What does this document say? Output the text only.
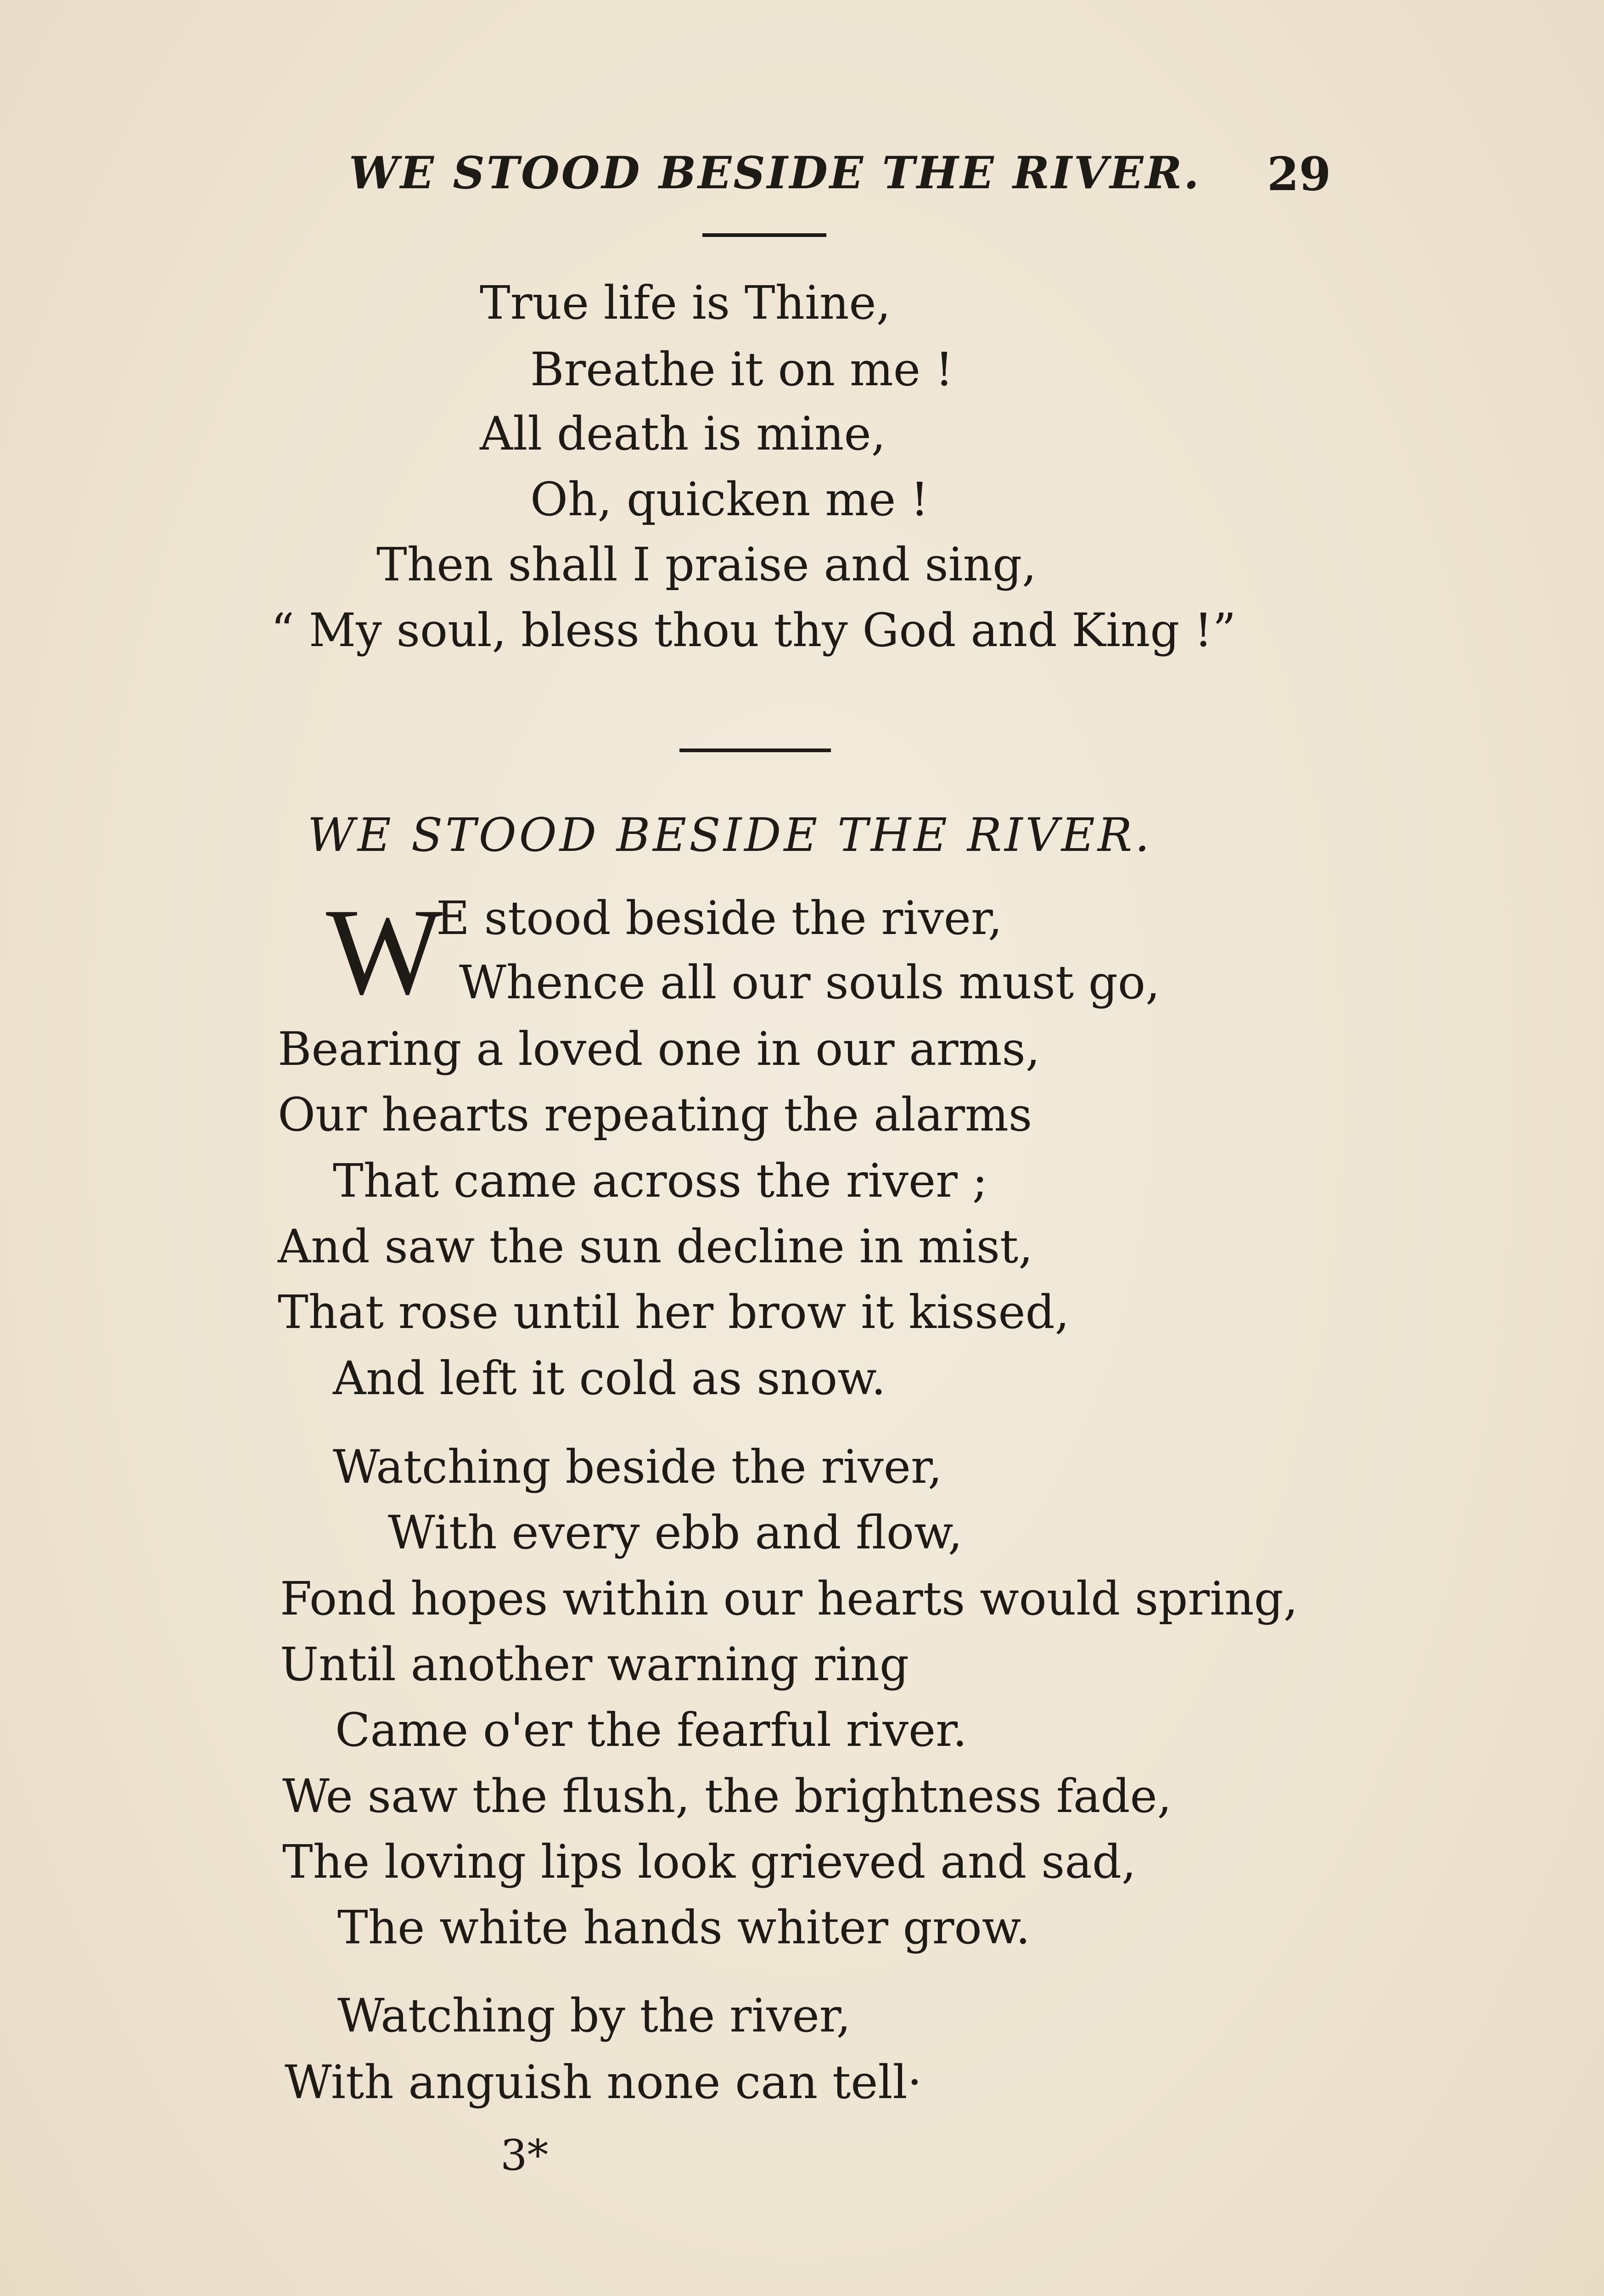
WE STOOD BESIDE THE RIVER. 29
True life is Thine,
Breathe it on me !
All death is mine,
Oh, quicken me !
Then shall I praise and sing,
“ My soul, bless thou thy God and King !”
WE STOOD BESIDE THE RIVER.
W
E stood beside the river,
Whence all our souls must go,
Bearing a loved one in our arms,
Our hearts repeating the alarms
That came across the river ;
And saw the sun decline in mist,
That rose until her brow it kissed,
And left it cold as snow.
Watching beside the river,
With every ebb and flow,
Fond hopes within our hearts would spring,
Until another warning ring
Came o'er the fearful river.
We saw the flush, the brightness fade,
The loving lips look grieved and sad,
The white hands whiter grow.
Watching by the river,
With anguish none can tell·
3*
